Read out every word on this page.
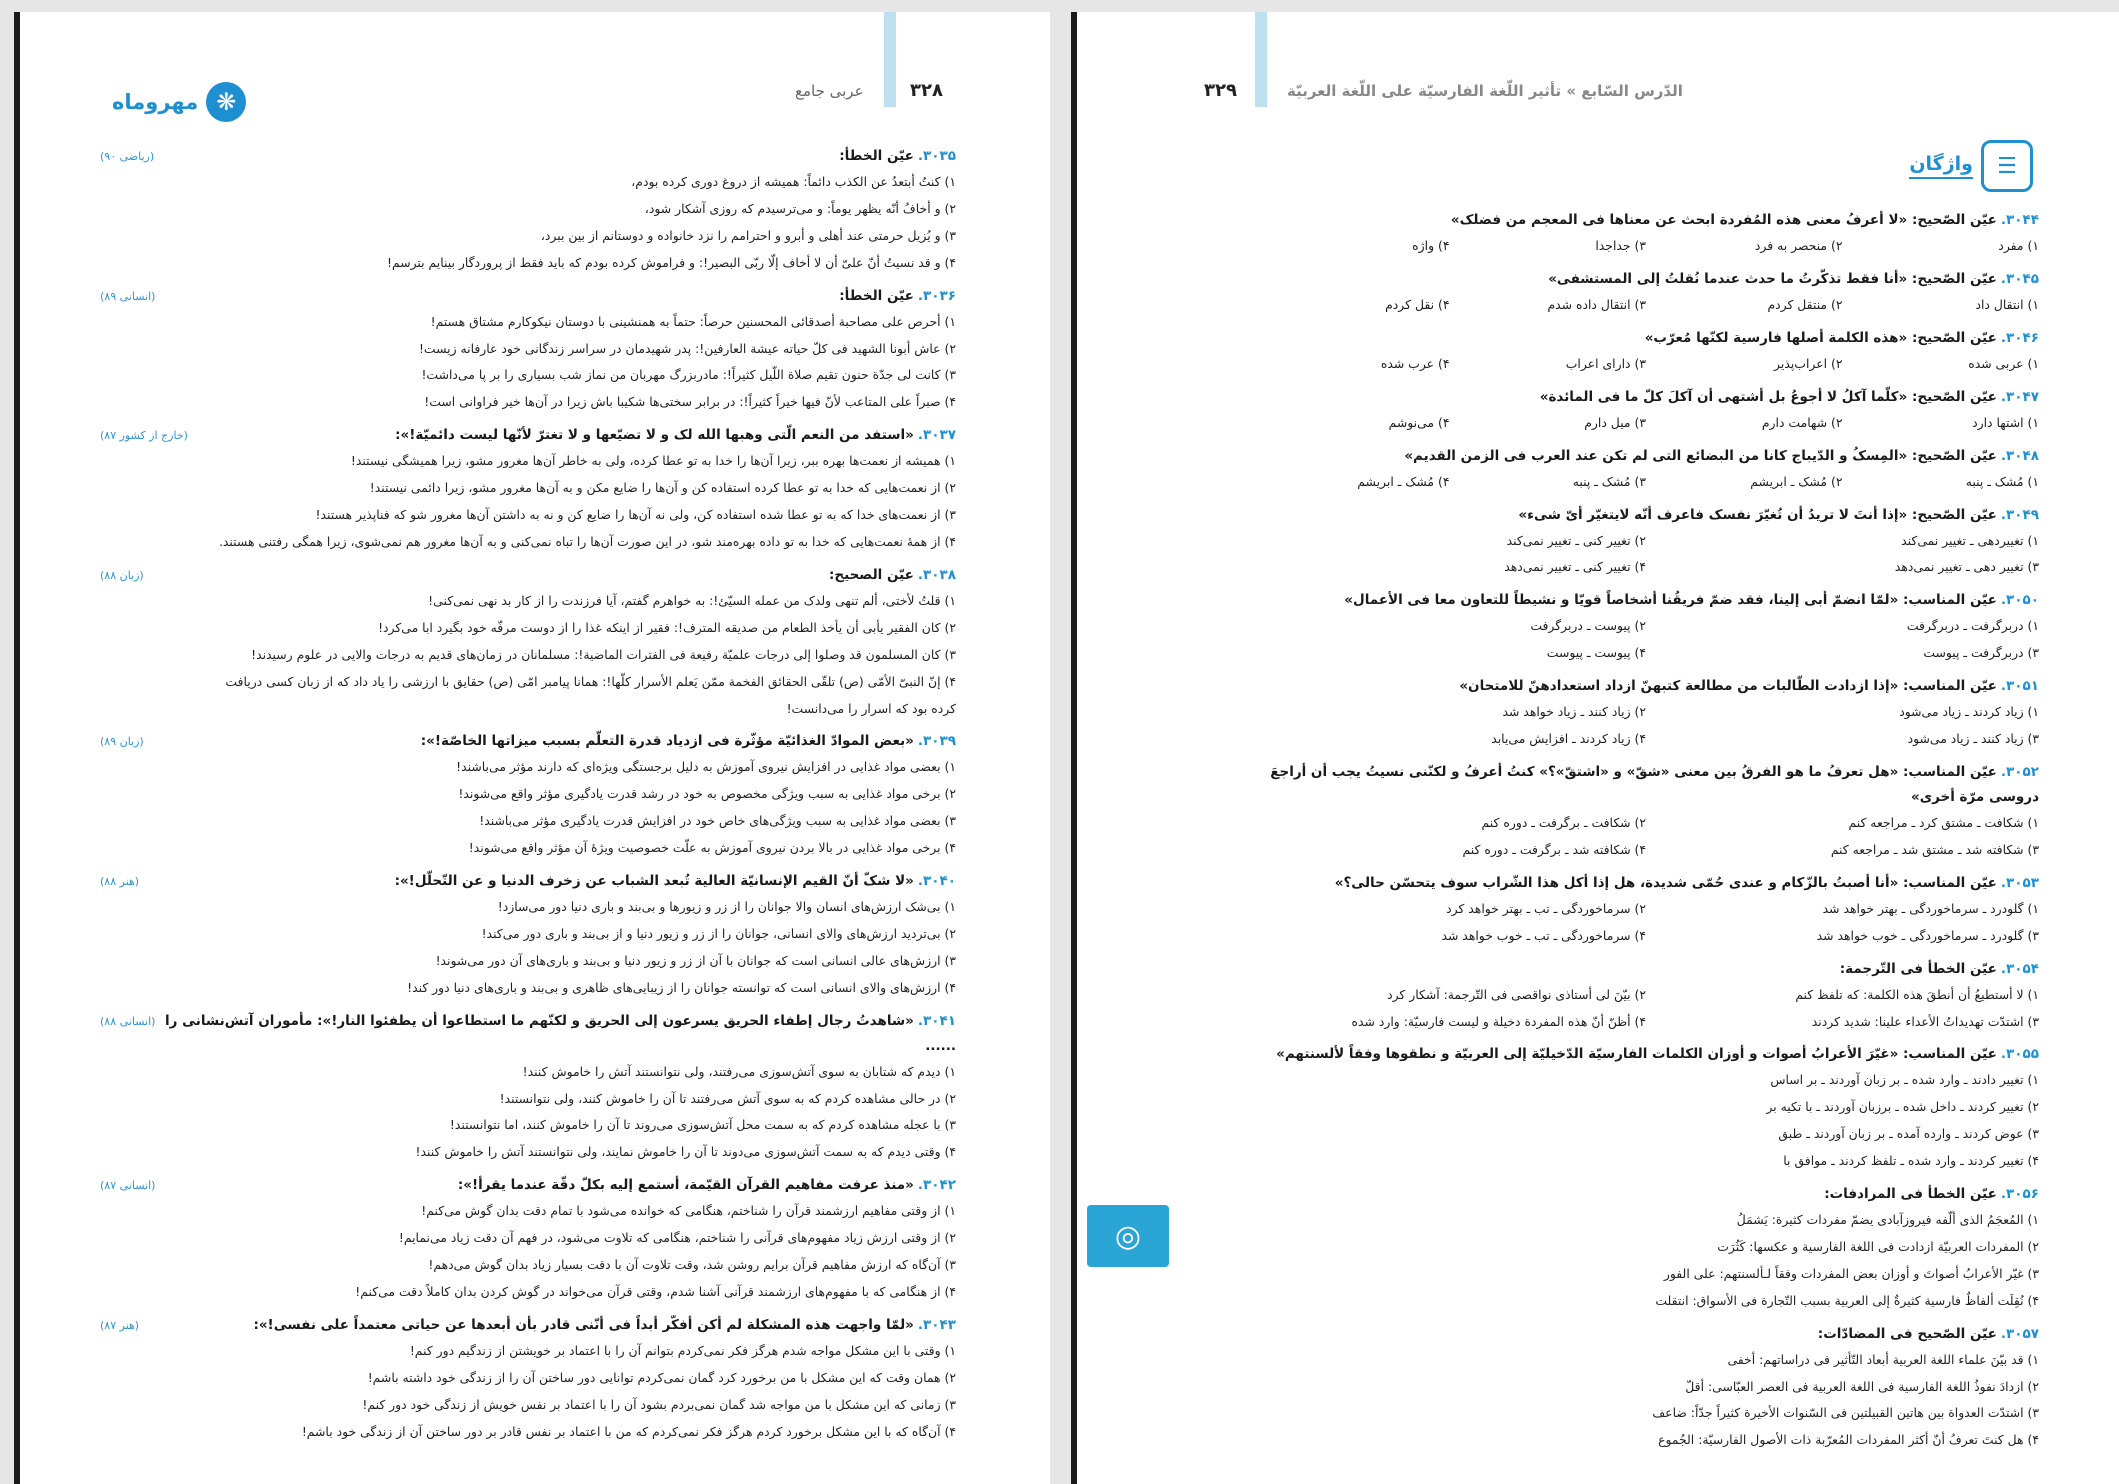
۳۲۸
عربی جامع
❋
مهروماه
۳۰۳۵.عیّن الخطأ:
(ریاضی ۹۰)
۱) کنتُ أبتعدُ عن الکذب دائماً: همیشه از دروغ دوری کرده بودم،
۲) و أخافُ أنّه یظهر یوماً: و می‌ترسیدم که روزی آشکار شود،
۳) و یُزیل حرمتی عند أهلی و أبرو و احترامم را نزد خانواده و دوستانم از بین ببرد،
۴) و قد نسیتُ أنّ علیّ أن لا أخاف إلّا ربّی البصیر!: و فراموش کرده بودم که باید فقط از پروردگار بینایم بترسم!
۳۰۳۶.عیّن الخطأ:
(انسانی ۸۹)
۱) أحرص علی مصاحبة أصدقائی المحسنین حرصاً: حتماً به همنشینی با دوستان نیکوکارم مشتاق هستم!
۲) عاش أبونا الشهید فی کلّ حیاته عیشة العارفین!: پدر شهیدمان در سراسر زندگانی خود عارفانه زیست!
۳) کانت لی جدّة حنون تقیم صلاة اللّیل کثیراً!: مادربزرگ مهربان من نماز شب بسیاری را بر پا می‌داشت!
۴) صبراً علی المتاعب لأنّ فیها خیراً کثیراً!: در برابر سختی‌ها شکیبا باش زیرا در آن‌ها خیر فراوانی است!
۳۰۳۷.«استفد من النعم الّتی وهبها الله لک و لا تضیّعها و لا تغترّ لأنّها لیست دائمیّة!»:
(خارج از کشور ۸۷)
۱) همیشه از نعمت‌ها بهره ببر، زیرا آن‌ها را خدا به تو عطا کرده، ولی به خاطر آن‌ها مغرور مشو، زیرا همیشگی نیستند!
۲) از نعمت‌هایی که خدا به تو عطا کرده استفاده کن و آن‌ها را ضایع مکن و به آن‌ها مغرور مشو، زیرا دائمی نیستند!
۳) از نعمت‌های خدا که به تو عطا شده استفاده کن، ولی نه آن‌ها را ضایع کن و نه به داشتن آن‌ها مغرور شو که فناپذیر هستند!
۴) از همهٔ نعمت‌هایی که خدا به تو داده بهره‌مند شو، در این صورت آن‌ها را تباه نمی‌کنی و به آن‌ها مغرور هم نمی‌شوی، زیرا همگی رفتنی هستند.
۳۰۳۸.عیّن الصحیح:
(زبان ۸۸)
۱) قلتُ لأختی، ألم تنهی ولدک من عمله السیّئ!: به خواهرم گفتم، آیا فرزندت را از کار بد نهی نمی‌کنی!
۲) کان الفقیر یأبی أن یأخذ الطعام من صدیقه المترف!: فقیر از اینکه غذا را از دوست مرفّه خود بگیرد ابا می‌کرد!
۳) کان المسلمون قد وصلوا إلی درجات علمیّة رفیعة فی الفترات الماضیة!: مسلمانان در زمان‌های قدیم به درجات والایی در علوم رسیدند!
۴) إنّ النبیّ الأمّی (ص) تلقّی الحقائق الفخمة ممّن یَعلم الأسرار کلّها!: همانا پیامبر امّی (ص) حقایق با ارزشی را یاد داد که از زبان کسی دریافت
کرده بود که اسرار را می‌دانست!
۳۰۳۹.«بعض الموادّ الغذائیّة مؤثّرة فی ازدیاد قدرة التعلّم بسبب میزاتها الخاصّة!»:
(زبان ۸۹)
۱) بعضی مواد غذایی در افزایش نیروی آموزش به دلیل برجستگی ویژه‌ای که دارند مؤثر می‌باشند!
۲) برخی مواد غذایی به سبب ویژگی مخصوص به خود در رشد قدرت یادگیری مؤثر واقع می‌شوند!
۳) بعضی مواد غذایی به سبب ویژگی‌های خاص خود در افزایش قدرت یادگیری مؤثر می‌باشند!
۴) برخی مواد غذایی در بالا بردن نیروی آموزش به علّت خصوصیت ویژهٔ آن مؤثر واقع می‌شوند!
۳۰۴۰.«لا شکّ أنّ القیم الإنسانیّة العالیة تُبعد الشباب عن زخرف الدنیا و عن التّحلّل!»:
(هنر ۸۸)
۱) بی‌شک ارزش‌های انسان والا جوانان را از زر و زیورها و بی‌بند و باری دنیا دور می‌سازد!
۲) بی‌تردید ارزش‌های والای انسانی، جوانان را از زر و زیور دنیا و از بی‌بند و باری دور می‌کند!
۳) ارزش‌های عالی انسانی است که جوانان با آن از زر و زیور دنیا و بی‌بند و باری‌های آن دور می‌شوند!
۴) ارزش‌های والای انسانی است که توانسته جوانان را از زیبایی‌های ظاهری و بی‌بند و باری‌های دنیا دور کند!
۳۰۴۱.«شاهدتُ رجال إطفاء الحریق یسرعون إلی الحریق و لکنّهم ما استطاعوا أن یطفئوا النار!»: مأموران آتش‌نشانی را ......
(انسانی ۸۸)
۱) دیدم که شتابان به سوی آتش‌سوزی می‌رفتند، ولی نتوانستند آتش را خاموش کنند!
۲) در حالی مشاهده کردم که به سوی آتش می‌رفتند تا آن را خاموش کنند، ولی نتوانستند!
۳) با عجله مشاهده کردم که به سمت محل آتش‌سوزی می‌روند تا آن را خاموش کنند، اما نتوانستند!
۴) وقتی دیدم که به سمت آتش‌سوزی می‌دوند تا آن را خاموش نمایند، ولی نتوانستند آتش را خاموش کنند!
۳۰۴۲.«منذ عرفت مفاهیم القرآن القیّمة، أستمع إلیه بکلّ دقّة عندما یقرأ!»:
(انسانی ۸۷)
۱) از وقتی مفاهیم ارزشمند قرآن را شناختم، هنگامی که خوانده می‌شود با تمام دقت بدان گوش می‌کنم!
۲) از وقتی ارزش زیاد مفهوم‌های قرآنی را شناختم، هنگامی که تلاوت می‌شود، در فهم آن دقت زیاد می‌نمایم!
۳) آن‌گاه که ارزش مفاهیم قرآن برایم روشن شد، وقت تلاوت آن با دقت بسیار زیاد بدان گوش می‌دهم!
۴) از هنگامی که با مفهوم‌های ارزشمند قرآنی آشنا شدم، وقتی قرآن می‌خواند در گوش کردن بدان کاملاً دقت می‌کنم!
۳۰۴۳.«لمّا واجهت هذه المشکلة لم أکن أفکّر أبداً فی أنّنی قادر بأن أبعدها عن حیاتی معتمداً علی نفسی!»:
(هنر ۸۷)
۱) وقتی با این مشکل مواجه شدم هرگز فکر نمی‌کردم بتوانم آن را با اعتماد بر خویشتن از زندگیم دور کنم!
۲) همان وقت که این مشکل با من برخورد کرد گمان نمی‌کردم توانایی دور ساختن آن را از زندگی خود داشته باشم!
۳) زمانی که این مشکل با من مواجه شد گمان نمی‌بردم بشود آن را با اعتماد بر نفس خویش از زندگی خود دور کنم!
۴) آن‌گاه که با این مشکل برخورد کردم هرگز فکر نمی‌کردم که من با اعتماد بر نفس قادر بر دور ساختن آن از زندگی خود باشم!
۳۲۹	الدّرس السّابع » تأثیر اللّغة الفارسیّة علی اللّغة العربیّة
☰
واژگان
◎
۳۰۴۴.عیّن الصّحیح: «لا أعرفُ معنی هذه المُفردة ابحث عن معناها فی المعجم من فضلک»
۱) مفرد
۲) منحصر به فرد
۳) جداجدا
۴) واژه
۳۰۴۵.عیّن الصّحیح: «أنا فقط تذکّرتُ ما حدث عندما نُقلتُ إلی المستشفی»
۱) انتقال داد
۲) منتقل کردم
۳) انتقال داده شدم
۴) نقل کردم
۳۰۴۶.عیّن الصّحیح: «هذه الکلمة أصلها فارسیة لکنّها مُعرّب»
۱) عربی شده
۲) اعراب‌پذیر
۳) دارای اعراب
۴) عرب شده
۳۰۴۷.عیّن الصّحیح: «کلّما آکلُ لا أجوعُ بل أشتهی أن آکلَ کلّ ما فی المائدة»
۱) اشتها دارد
۲) شهامت دارم
۳) میل دارم
۴) می‌نوشم
۳۰۴۸.عیّن الصّحیح: «المِسکُ و الدّیباج کانا من البضائع التی لم تکن عند العرب فی الزمن القدیم»
۱) مُشک ـ پنبه
۲) مُشک ـ ابریشم
۳) مُشک ـ پنبه
۴) مُشک ـ ابریشم
۳۰۴۹.عیّن الصّحیح: «إذا أنتَ لا تریدُ أن تُغیّرَ نفسک فاعرف أنّه لایتغیّر أیّ شیء»
۱) تغییردهی ـ تغییر نمی‌کند
۲) تغییر کنی ـ تغییر نمی‌کند
۳) تغییر دهی ـ تغییر نمی‌دهد
۴) تغییر کنی ـ تغییر نمی‌دهد
۳۰۵۰.عیّن المناسب: «لمّا انضمّ أبی إلینا، فقد ضمّ فریقُنا أشخاصاً قویّا و نشیطاً للتعاون معا فی الأعمال»
۱) دربرگرفت ـ دربرگرفت
۲) پیوست ـ دربرگرفت
۳) دربرگرفت ـ پیوست
۴) پیوست ـ پیوست
۳۰۵۱.عیّن المناسب: «إذا ازدادت الطّالبات من مطالعة کتبهنّ ازداد استعدادهنّ للامتحان»
۱) زیاد کردند ـ زیاد می‌شود
۲) زیاد کنند ـ زیاد خواهد شد
۳) زیاد کنند ـ زیاد می‌شود
۴) زیاد کردند ـ افزایش می‌یابد
۳۰۵۲.عیّن المناسب: «هل تعرفُ ما هو الفرقُ بین معنی «شقّ» و «اشتقّ»؟» کنتُ أعرفُ و لکنّنی نسیتُ یجب أن أراجعَ دروسی مرّة أخری»
۱) شکافت ـ مشتق کرد ـ مراجعه کنم
۲) شکافت ـ برگرفت ـ دوره کنم
۳) شکافته شد ـ مشتق شد ـ مراجعه کنم
۴) شکافته شد ـ برگرفت ـ دوره کنم
۳۰۵۳.عیّن المناسب: «أنا أصبتُ بالزّکام و عندی حُمّی شدیدة، هل إذا أکل هذا الشّراب سوف یتحسّن حالی؟»
۱) گلودرد ـ سرماخوردگی ـ بهتر خواهد شد
۲) سرماخوردگی ـ تب ـ بهتر خواهد کرد
۳) گلودرد ـ سرماخوردگی ـ خوب خواهد شد
۴) سرماخوردگی ـ تب ـ خوب خواهد شد
۳۰۵۴.عیّن الخطأ فی التّرجمة:
۱) لا أستطیعُ أن أنطقَ هذه الکلمة: که تلفظ کنم
۲) بیّنَ لی أستاذی نواقصی فی التّرجمة: آشکار کرد
۳) اشتدّت تهدیداتُ الأعداء علینا: شدید کردند
۴) أظنّ أنّ هذه المفردة دخیلة و لیست فارسیّة: وارد شده
۳۰۵۵.عیّن المناسب: «غیّرَ الأعرابُ أصوات و أوزان الکلمات الفارسیّة الدّخیلیّة إلی العربیّة و نطقوها وفقاً لألسنتهم»
۱) تغییر دادند ـ وارد شده ـ بر زبان آوردند ـ بر اساس
۲) تغییر کردند ـ داخل شده ـ برزبان آوردند ـ با تکیه بر
۳) عوض کردند ـ وارده آمده ـ بر زبان آوردند ـ طبق
۴) تغییر کردند ـ وارد شده ـ تلفظ کردند ـ موافق با
۳۰۵۶.عیّن الخطأ فی المرادفات:
۱) المُعجَمُ الذی ألّفه فیروزآبادی یضمّ مفردات کثیرة: یَشمَلُ
۲) المفردات العربیّة ازدادت فی اللغة الفارسیة و عکسها: کَثُرَت
۳) غیّر الأعرابُ أصواتَ و أوزان بعض المفردات وفقاً لـألسنتهم: علی الفور
۴) نُقِلَت ألفاظٌ فارسیة کثیرةٌ إلی العربیة بسبب التّجارة فی الأسواق: انتقلت
۳۰۵۷.عیّن الصّحیح فی المضادّات:
۱) قد بیّنَ علماء اللغة العربیة أبعاد التّأثیر فی دراساتهم: أخفی
۲) ازدادَ نفوذُ اللغة الفارسیة فی اللغة العربیة فی العصر العبّاسی: أقلّ
۳) اشتدّت العدواة بین هاتین القبیلتین فی السّنوات الأخیرة کثیراً جدّاً: ضاعف
۴) هل کنتَ تعرفُ أنّ أکثر المفردات المُعرّبة ذات الأصول الفارسیّة: الجُموع
